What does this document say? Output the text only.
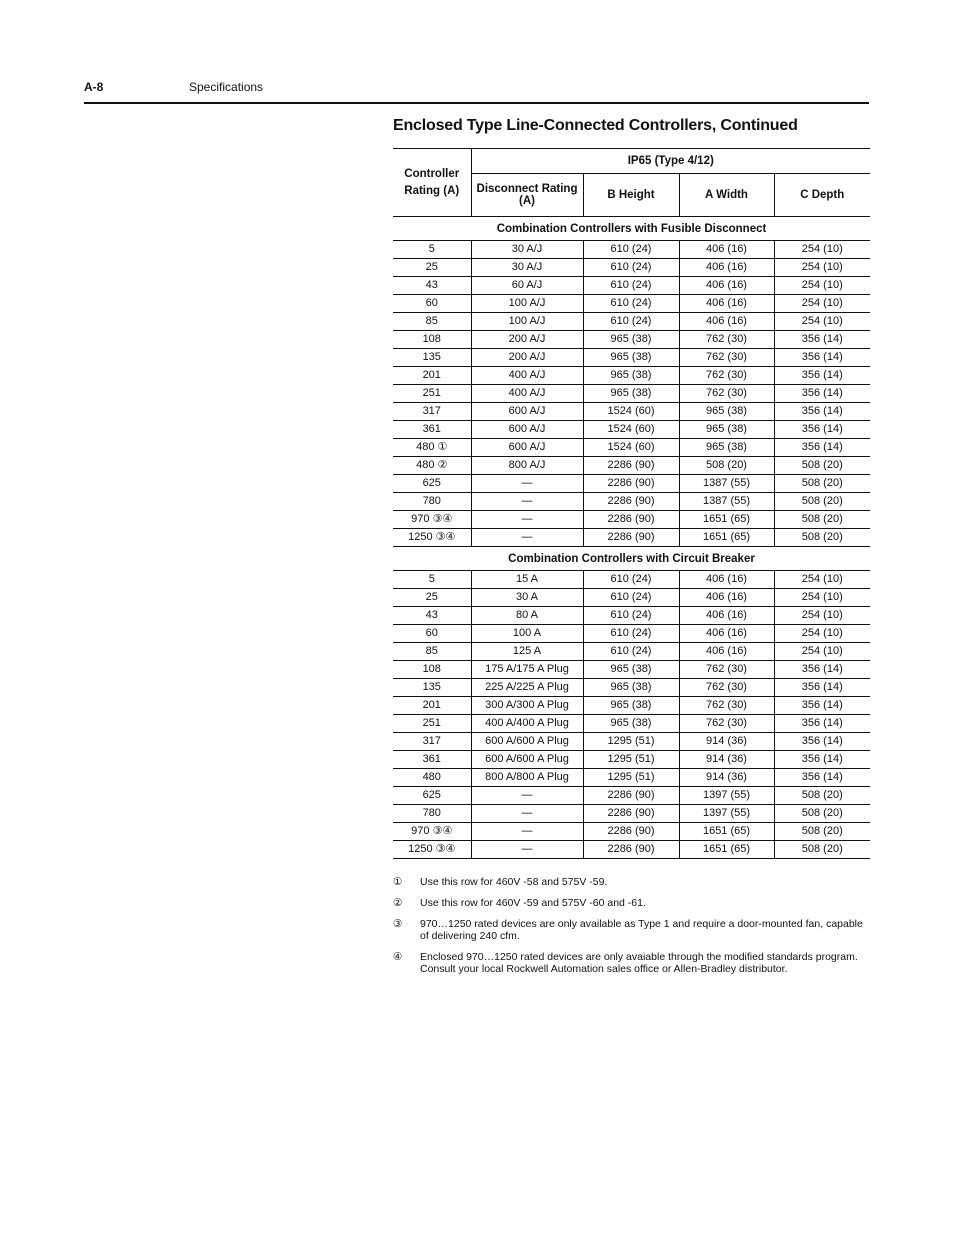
A-8	Specifications
Enclosed Type Line-Connected Controllers, Continued
Controller Rating (A)	IP65 (Type 4/12)			
	Disconnect Rating (A)	B Height	A Width	C Depth
Combination Controllers with Fusible Disconnect				
5	30 A/J	610 (24)	406 (16)	254 (10)
25	30 A/J	610 (24)	406 (16)	254 (10)
43	60 A/J	610 (24)	406 (16)	254 (10)
60	100 A/J	610 (24)	406 (16)	254 (10)
85	100 A/J	610 (24)	406 (16)	254 (10)
108	200 A/J	965 (38)	762 (30)	356 (14)
135	200 A/J	965 (38)	762 (30)	356 (14)
201	400 A/J	965 (38)	762 (30)	356 (14)
251	400 A/J	965 (38)	762 (30)	356 (14)
317	600 A/J	1524 (60)	965 (38)	356 (14)
361	600 A/J	1524 (60)	965 (38)	356 (14)
480 ①	600 A/J	1524 (60)	965 (38)	356 (14)
480 ②	800 A/J	2286 (90)	508 (20)	508 (20)
625	—	2286 (90)	1387 (55)	508 (20)
780	—	2286 (90)	1387 (55)	508 (20)
970 ③④	—	2286 (90)	1651 (65)	508 (20)
1250 ③④	—	2286 (90)	1651 (65)	508 (20)
Combination Controllers with Circuit Breaker				
5	15 A	610 (24)	406 (16)	254 (10)
25	30 A	610 (24)	406 (16)	254 (10)
43	80 A	610 (24)	406 (16)	254 (10)
60	100 A	610 (24)	406 (16)	254 (10)
85	125 A	610 (24)	406 (16)	254 (10)
108	175 A/175 A Plug	965 (38)	762 (30)	356 (14)
135	225 A/225 A Plug	965 (38)	762 (30)	356 (14)
201	300 A/300 A Plug	965 (38)	762 (30)	356 (14)
251	400 A/400 A Plug	965 (38)	762 (30)	356 (14)
317	600 A/600 A Plug	1295 (51)	914 (36)	356 (14)
361	600 A/600 A Plug	1295 (51)	914 (36)	356 (14)
480	800 A/800 A Plug	1295 (51)	914 (36)	356 (14)
625	—	2286 (90)	1397 (55)	508 (20)
780	—	2286 (90)	1397 (55)	508 (20)
970 ③④	—	2286 (90)	1651 (65)	508 (20)
1250 ③④	—	2286 (90)	1651 (65)	508 (20)
① Use this row for 460V -58 and 575V -59.
② Use this row for 460V -59 and 575V -60 and -61.
③ 970…1250 rated devices are only available as Type 1 and require a door-mounted fan, capable of delivering 240 cfm.
④ Enclosed 970…1250 rated devices are only avaiable through the modified standards program. Consult your local Rockwell Automation sales office or Allen-Bradley distributor.
